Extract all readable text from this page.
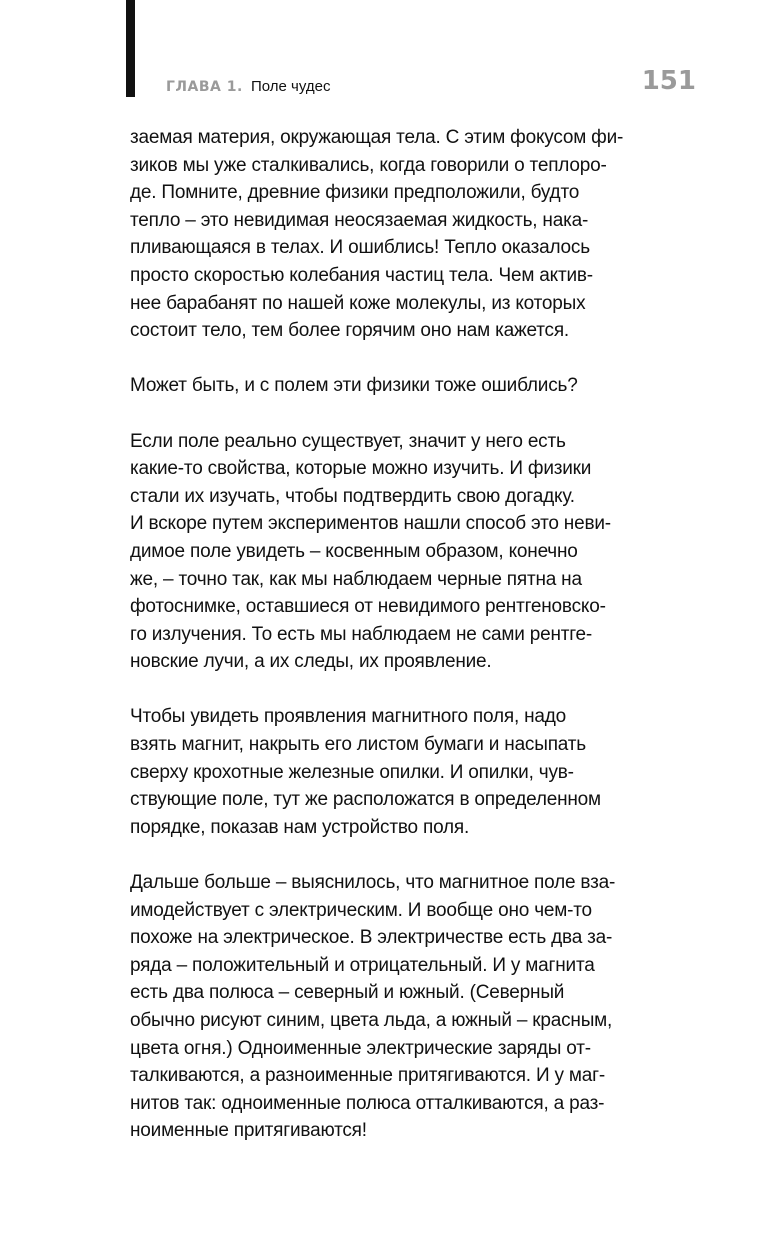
ГЛАВА 1. Поле чудес	151

заемая материя, окружающая тела. С этим фокусом фи-
зиков мы уже сталкивались, когда говорили о теплоро-
де. Помните, древние физики предположили, будто
тепло – это невидимая неосязаемая жидкость, нака-
пливающаяся в телах. И ошиблись! Тепло оказалось
просто скоростью колебания частиц тела. Чем актив-
нее барабанят по нашей коже молекулы, из которых
состоит тело, тем более горячим оно нам кажется.

Может быть, и с полем эти физики тоже ошиблись?

Если поле реально существует, значит у него есть
какие-то свойства, которые можно изучить. И физики
стали их изучать, чтобы подтвердить свою догадку.
И вскоре путем экспериментов нашли способ это неви-
димое поле увидеть – косвенным образом, конечно
же, – точно так, как мы наблюдаем черные пятна на
фотоснимке, оставшиеся от невидимого рентгеновско-
го излучения. То есть мы наблюдаем не сами рентге-
новские лучи, а их следы, их проявление.

Чтобы увидеть проявления магнитного поля, надо
взять магнит, накрыть его листом бумаги и насыпать
сверху крохотные железные опилки. И опилки, чув-
ствующие поле, тут же расположатся в определенном
порядке, показав нам устройство поля.

Дальше больше – выяснилось, что магнитное поле вза-
имодействует с электрическим. И вообще оно чем-то
похоже на электрическое. В электричестве есть два за-
ряда – положительный и отрицательный. И у магнита
есть два полюса – северный и южный. (Северный
обычно рисуют синим, цвета льда, а южный – красным,
цвета огня.) Одноименные электрические заряды от-
талкиваются, а разноименные притягиваются. И у маг-
нитов так: одноименные полюса отталкиваются, а раз-
ноименные притягиваются!
